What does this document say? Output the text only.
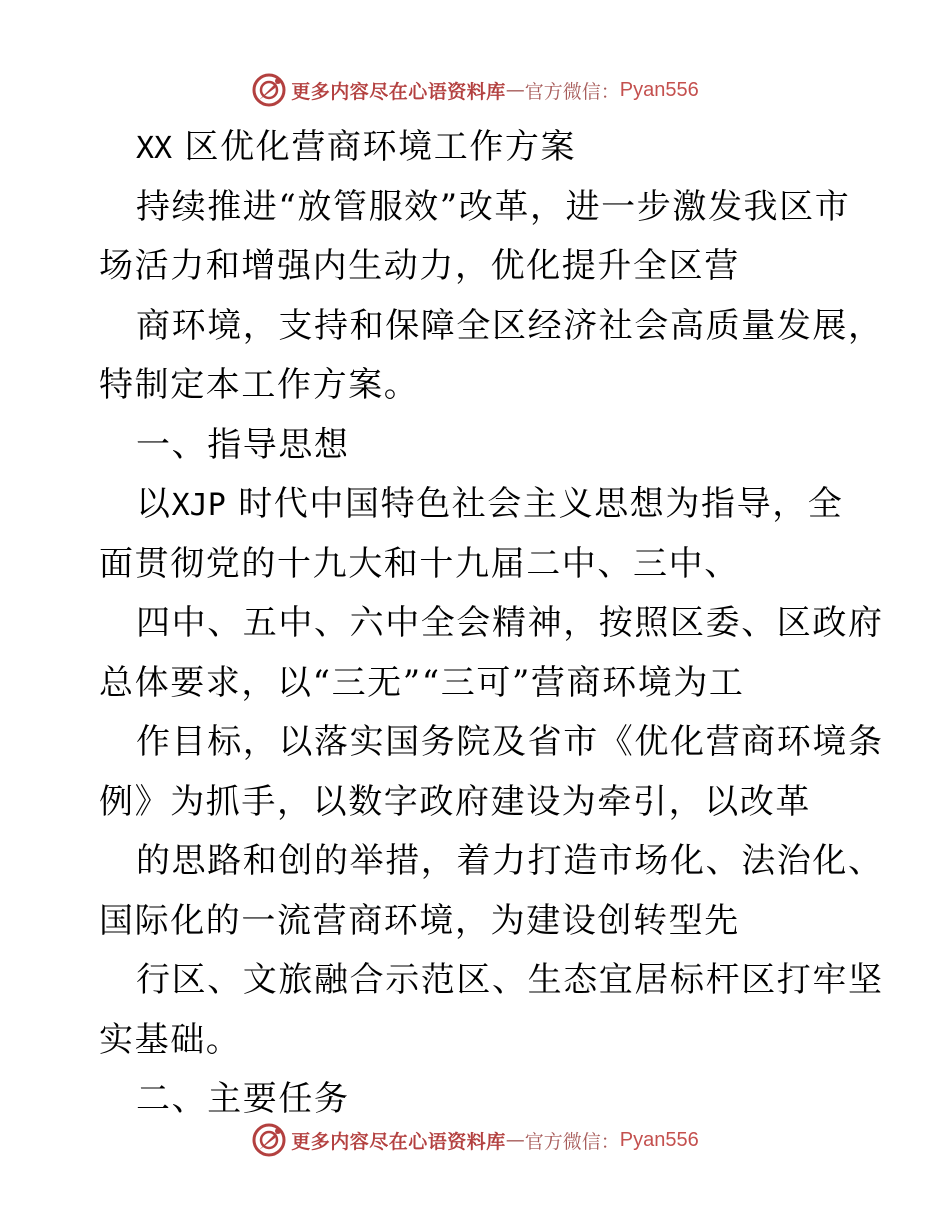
更多内容尽在心语资料库 — 官方微信： Pyan556
XX 区优化营商环境工作方案
持续推进“放管服效”改革，进一步激发我区市
场活力和增强内生动力，优化提升全区营
商环境，支持和保障全区经济社会高质量发展，
特制定本工作方案。
一、指导思想
以XJP 时代中国特色社会主义思想为指导，全
面贯彻党的十九大和十九届二中、三中、
四中、五中、六中全会精神，按照区委、区政府
总体要求，以“三无”“三可”营商环境为工
作目标，以落实国务院及省市《优化营商环境条
例》为抓手，以数字政府建设为牵引，以改革
的思路和创的举措，着力打造市场化、法治化、
国际化的一流营商环境，为建设创转型先
行区、文旅融合示范区、生态宜居标杆区打牢坚
实基础。
二、主要任务
更多内容尽在心语资料库 — 官方微信： Pyan556
